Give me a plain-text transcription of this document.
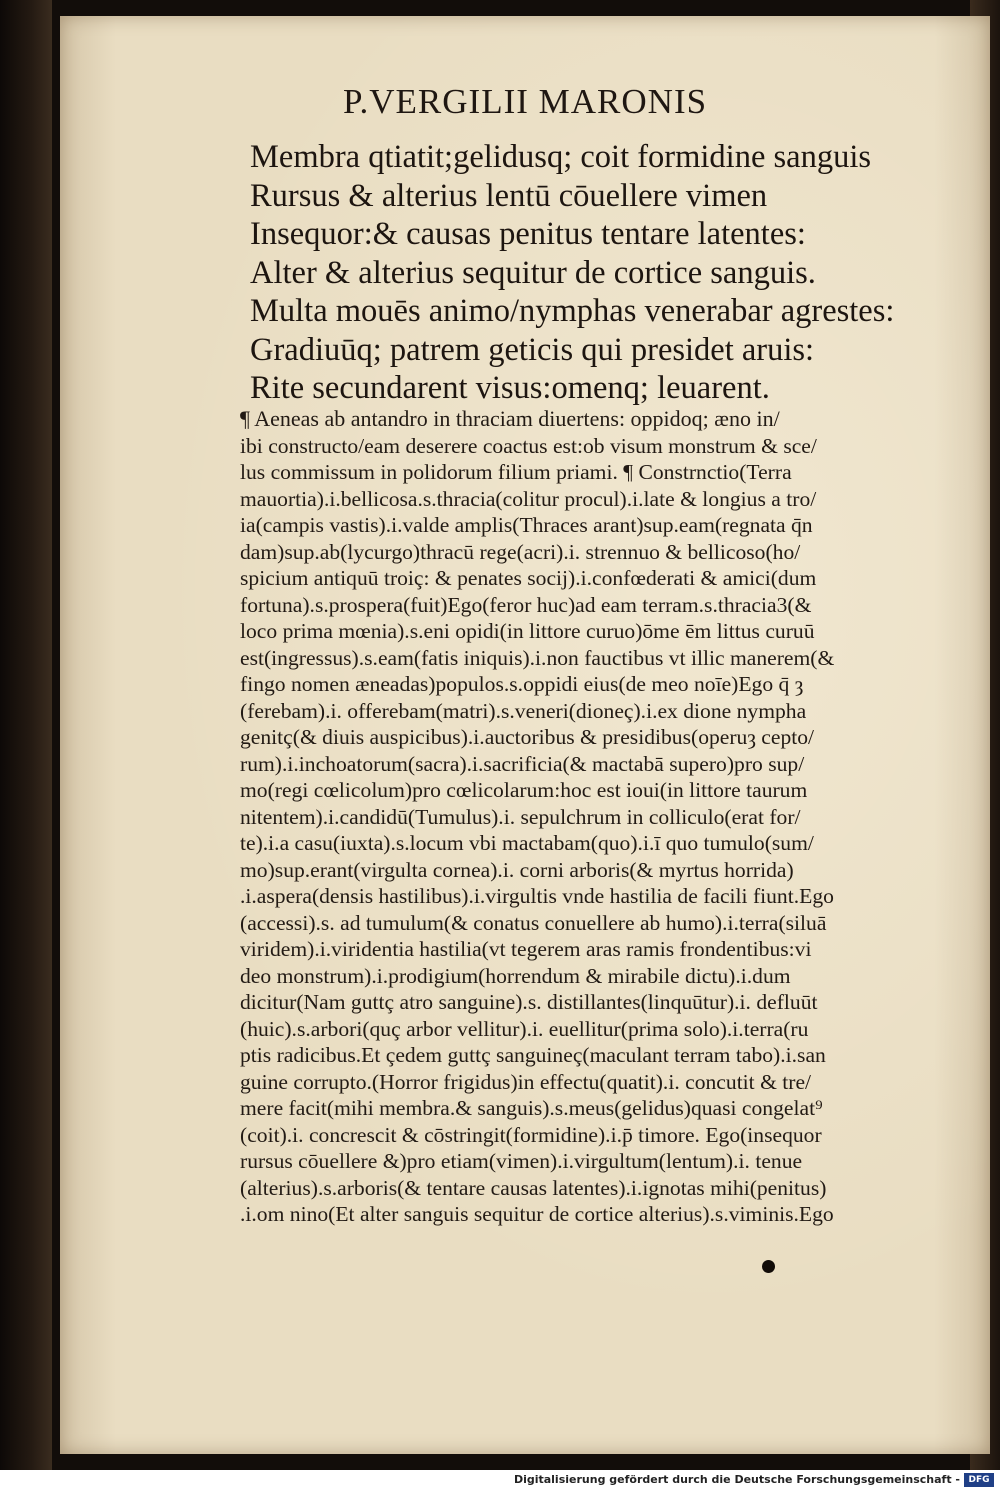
P.VERGILII MARONIS
Membra qtiatit;gelidusq; coit formidine sanguis
Rursus & alterius lentū cōuellere vimen
Insequor:& causas penitus tentare latentes:
Alter & alterius sequitur de cortice sanguis.
Multa mouēs animo/nymphas venerabar agrestes:
Gradiuūq; patrem geticis qui presidet aruis:
Rite secundarent visus:omenq; leuarent.
¶ Aeneas ab antandro in thraciam diuertens: oppidoq; æno in/
ibi constructo/eam deserere coactus est:ob visum monstrum & sce/
lus commissum in polidorum filium priami. ¶ Constrnctio(Terra
mauortia).i.bellicosa.s.thracia(colitur procul).i.late & longius a tro/
ia(campis vastis).i.valde amplis(Thraces arant)sup.eam(regnata q̄n
dam)sup.ab(lycurgo)thracū rege(acri).i. strennuo & bellicoso(ho/
spicium antiquū troiç: & penates socij).i.confœderati & amici(dum
fortuna).s.prospera(fuit)Ego(feror huc)ad eam terram.s.thracia3(&
loco prima mœnia).s.eni opidi(in littore curuo)ōme ēm littus curuū
est(ingressus).s.eam(fatis iniquis).i.non fauctibus vt illic manerem(&
fingo nomen æneadas)populos.s.oppidi eius(de meo noīe)Ego q̄ ȝ
(ferebam).i. offerebam(matri).s.veneri(dioneç).i.ex dione nympha
genitç(& diuis auspicibus).i.auctoribus & presidibus(operuȝ cepto/
rum).i.inchoatorum(sacra).i.sacrificia(& mactabā supero)pro sup/
mo(regi cœlicolum)pro cœlicolarum:hoc est ioui(in littore taurum
nitentem).i.candidū(Tumulus).i. sepulchrum in colliculo(erat for/
te).i.a casu(iuxta).s.locum vbi mactabam(quo).i.ī quo tumulo(sum/
mo)sup.erant(virgulta cornea).i. corni arboris(& myrtus horrida)
.i.aspera(densis hastilibus).i.virgultis vnde hastilia de facili fiunt.Ego
(accessi).s. ad tumulum(& conatus conuellere ab humo).i.terra(siluā
viridem).i.viridentia hastilia(vt tegerem aras ramis frondentibus:vi
deo monstrum).i.prodigium(horrendum & mirabile dictu).i.dum
dicitur(Nam guttç atro sanguine).s. distillantes(linquūtur).i. defluūt
(huic).s.arbori(quç arbor vellitur).i. euellitur(prima solo).i.terra(ru
ptis radicibus.Et çedem guttç sanguineç(maculant terram tabo).i.san
guine corrupto.(Horror frigidus)in effectu(quatit).i. concutit & tre/
mere facit(mihi membra.& sanguis).s.meus(gelidus)quasi congelat⁹
(coit).i. concrescit & cōstringit(formidine).i.p̄ timore. Ego(insequor
rursus cōuellere &)pro etiam(vimen).i.virgultum(lentum).i. tenue
(alterius).s.arboris(& tentare causas latentes).i.ignotas mihi(penitus)
.i.om nino(Et alter sanguis sequitur de cortice alterius).s.viminis.Ego
Digitalisierung gefördert durch die Deutsche Forschungsgemeinschaft - DFG
